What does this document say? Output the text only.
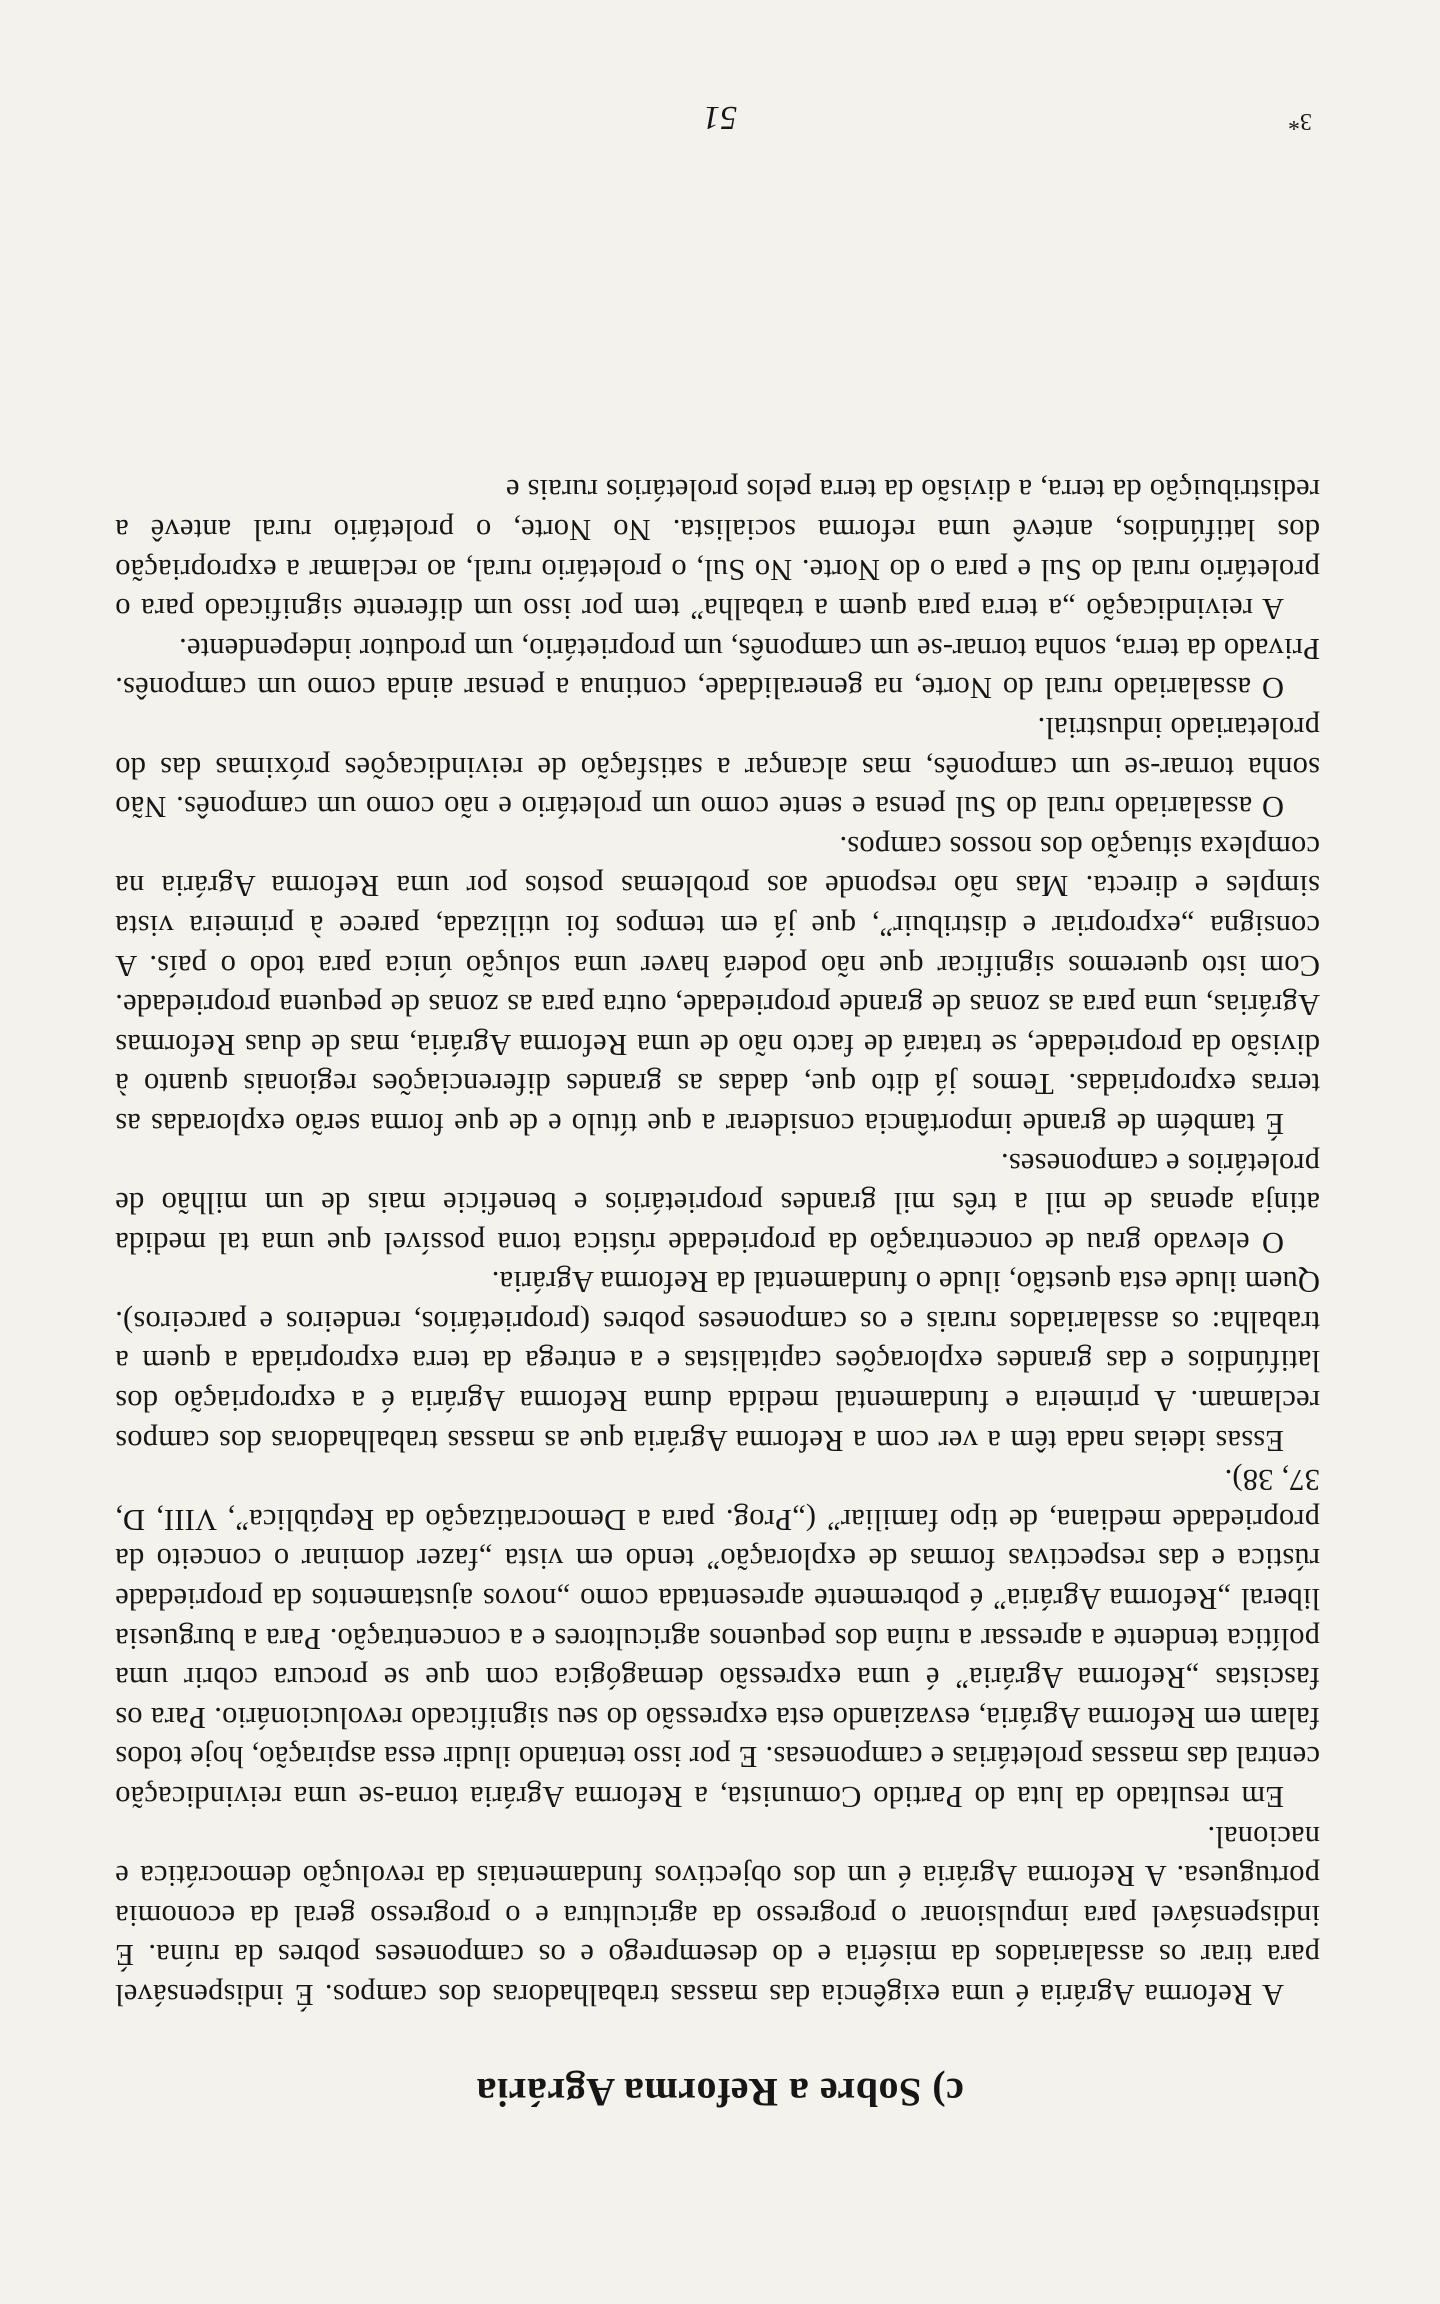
c) Sobre a Reforma Agrária

A Reforma Agrária é uma exigência das massas trabalhadoras dos campos. É indispensável para tirar os assalariados da miséria e do desemprego e os camponeses pobres da ruína. É indispensável para impulsionar o progresso da agricultura e o progresso geral da economia portuguesa. A Reforma Agrária é um dos objectivos fundamentais da revolução democrática e nacional.

Em resultado da luta do Partido Comunista, a Reforma Agrária tornа-se uma reivindicação central das massas proletárias e camponesas. E por isso tentando iludir essa aspiração, hoje todos falam em Reforma Agrária, esvaziando esta expressão do seu significado revolucionário. Para os fascistas „Reforma Agrária” é uma expressão demagógica com que se procura cobrir uma política tendente a apressar a ruína dos pequenos agricultores e a concentração. Para a burguesia liberal „Reforma Agrária” é pobremente apresentada como „novos ajustamentos da propriedade rústica e das respectivas formas de exploração” tendo em vista „fazer dominar o conceito da propriedade mediana, de tipo familiar” („Prog. para a Democratização da República”, VIII, D, 37, 38).

Essas ideias nada têm a ver com a Reforma Agrária que as massas trabalhadoras dos campos reclamam. A primeira e fundamental medida duma Reforma Agrária é a expropriação dos latifúndios e das grandes explorações capitalistas e a entrega da terra expropriada a quem a trabalha: os assalariados rurais e os camponeses pobres (proprietários, rendeiros e parceiros). Quem ilude esta questão, ilude o fundamental da Reforma Agrária.

O elevado grau de concentração da propriedade rústica torna possível que uma tal medida atinja apenas de mil a três mil grandes proprietários e beneficie mais de um milhão de proletários e camponeses.

É também de grande importância considerar a que título e de que forma serão exploradas as terras expropriadas. Temos já dito que, dadas as grandes diferenciações regionais quanto à divisão da propriedade, se tratará de facto não de uma Reforma Agrária, mas de duas Reformas Agrárias, uma para as zonas de grande propriedade, outra para as zonas de pequena propriedade. Com isto queremos significar que não poderá haver uma solução única para todo o país. A consigna „expropriar e distribuir”, que já em tempos foi utilizada, parece à primeira vista simples e directa. Mas não responde aos problemas postos por uma Reforma Agrária na complexa situação dos nossos campos.

O assalariado rural do Sul pensa e sente como um proletário e não como um camponês. Não sonha tornar-se um camponês, mas alcançar a satisfação de reivindicações próximas das do proletariado industrial.

O assalariado rural do Norte, na generalidade, continua a pensar ainda como um camponês. Privado da terra, sonha tornar-se um camponês, um proprietário, um produtor independente.

A reivindicação „a terra para quem a trabalha” tem por isso um diferente significado para o proletário rural do Sul e para o do Norte. No Sul, o proletário rural, ao reclamar a expropriação dos latifúndios, antevê uma reforma socialista. No Norte, o proletário rural antevê a redistribuição da terra, a divisão da terra pelos proletários rurais e

51	3*
